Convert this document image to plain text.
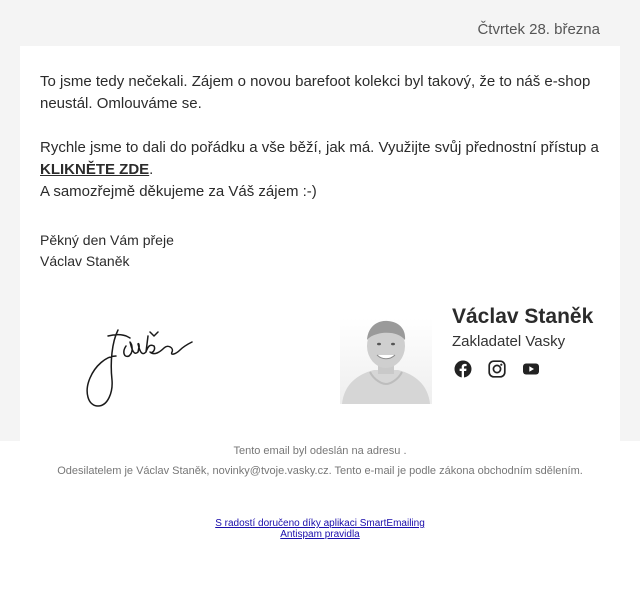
Čtvrtek 28. března

To jsme tedy nečekali. Zájem o novou barefoot kolekci byl takový, že to náš e-shop neustál. Omlouváme se.

Rychle jsme to dali do pořádku a vše běží, jak má. Využijte svůj přednostní přístup a KLIKNĚTE ZDE.

A samozřejmě děkujeme za Váš zájem :-)

Pěkný den Vám přeje
Václav Staněk
Václav Staněk
Zakladatel Vasky
Tento email byl odeslán na adresu .
Odesilatelem je Václav Staněk, novinky@tvoje.vasky.cz. Tento e-mail je podle zákona obchodním sdělením.
S radostí doručeno díky aplikaci SmartEmailing
Antispam pravidla
